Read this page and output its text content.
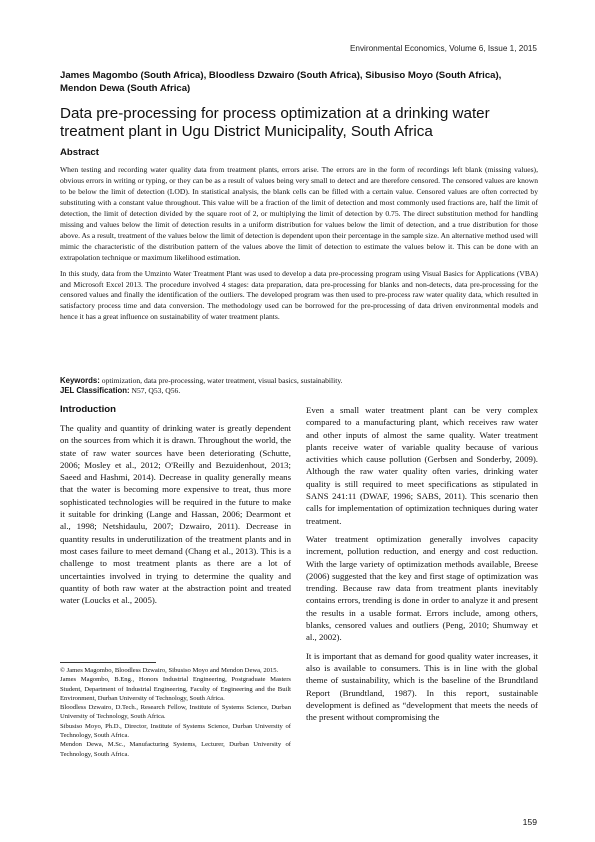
Environmental Economics, Volume 6, Issue 1, 2015
James Magombo (South Africa), Bloodless Dzwairo (South Africa), Sibusiso Moyo (South Africa), Mendon Dewa (South Africa)
Data pre-processing for process optimization at a drinking water treatment plant in Ugu District Municipality, South Africa
Abstract

When testing and recording water quality data from treatment plants, errors arise. The errors are in the form of recordings left blank (missing values), obvious errors in writing or typing, or they can be as a result of values being very small to detect and are therefore censored. The censored values are known to be below the limit of detection (LOD). In statistical analysis, the blank cells can be filled with a certain value. Censored values are often corrected by substituting with a constant value throughout. This value will be a fraction of the limit of detection and most commonly used fractions are, half the limit of detection, the limit of detection divided by the square root of 2, or multiplying the limit of detection by 0.75. The direct substitution method for handling missing and values below the limit of detection results in a uniform distribution for values below the limit of detection, and a true distribution for those above. As a result, treatment of the values below the limit of detection is dependent upon their percentage in the sample size. An alternative method used will mimic the characteristic of the distribution pattern of the values above the limit of detection to estimate the values below it. This can be done with an extrapolation technique or maximum likelihood estimation.

In this study, data from the Umzinto Water Treatment Plant was used to develop a data pre-processing program using Visual Basics for Applications (VBA) and Microsoft Excel 2013. The procedure involved 4 stages: data preparation, data pre-processing for blanks and non-detects, data pre-processing for the censored values and finally the identification of the outliers. The developed program was then used to pre-process raw water quality data, which resulted in satisfactory process time and data conversion. The methodology used can be borrowed for the pre-processing of data driven environmental models and hence it has a great influence on sustainability of water treatment plants.

Keywords: optimization, data pre-processing, water treatment, visual basics, sustainability.
JEL Classification: N57, Q53, Q56.
Introduction

The quality and quantity of drinking water is greatly dependent on the sources from which it is drawn. Throughout the world, the state of raw water sources have been deteriorating (Schutte, 2006; Mosley et al., 2012; O'Reilly and Bezuidenhout, 2013; Saeed and Hashmi, 2014). Decrease in quality generally means that the water is becoming more expensive to treat, thus more sophisticated technologies will be required in the future to make it suitable for drinking (Lange and Hassan, 2006; Dearmont et al., 1998; Netshidaulu, 2007; Dzwairo, 2011). Decrease in quantity results in underutilization of the treatment plants and in most cases failure to meet demand (Chang et al., 2013). This is a challenge to most treatment plants as there are a lot of uncertainties involved in trying to determine the quality and quantity of both raw water at the abstraction point and treated water (Loucks et al., 2005).

© James Magombo, Bloodless Dzwairo, Sibusiso Moyo and Mendon Dewa, 2015.

James Magombo, B.Eng., Honors Industrial Engineering, Postgraduate Masters Student, Department of Industrial Engineering, Faculty of Engineering and the Built Environment, Durban University of Technology, South Africa.

Bloodless Dzwairo, D.Tech., Research Fellow, Institute of Systems Science, Durban University of Technology, South Africa.

Sibusiso Moyo, Ph.D., Director, Institute of Systems Science, Durban University of Technology, South Africa.

Mendon Dewa, M.Sc., Manufacturing Systems, Lecturer, Durban University of Technology, South Africa.

Even a small water treatment plant can be very complex compared to a manufacturing plant, which receives raw water and other inputs of almost the same quality. Water treatment plants receive water of variable quality because of various activities which cause pollution (Gerbsen and Sonderby, 2009). Although the raw water quality often varies, drinking water quality is still required to meet specifications as stipulated in SANS 241:11 (DWAF, 1996; SABS, 2011). This scenario then calls for implementation of optimization techniques during water treatment.

Water treatment optimization generally involves capacity increment, pollution reduction, and energy and cost reduction. With the large variety of optimization methods available, Breese (2006) suggested that the key and first stage of optimization was trending. Because raw data from treatment plants inevitably contains errors, trending is done in order to analyze it and present the results in a usable format. Errors include, among others, blanks, censored values and outliers (Peng, 2010; Shumway et al., 2002).

It is important that as demand for good quality water increases, it also is available to consumers. This is in line with the global theme of sustainability, which is the baseline of the Brundtland Report (Brundtland, 1987). In this report, sustainable development is defined as “development that meets the needs of the present without compromising the

159
